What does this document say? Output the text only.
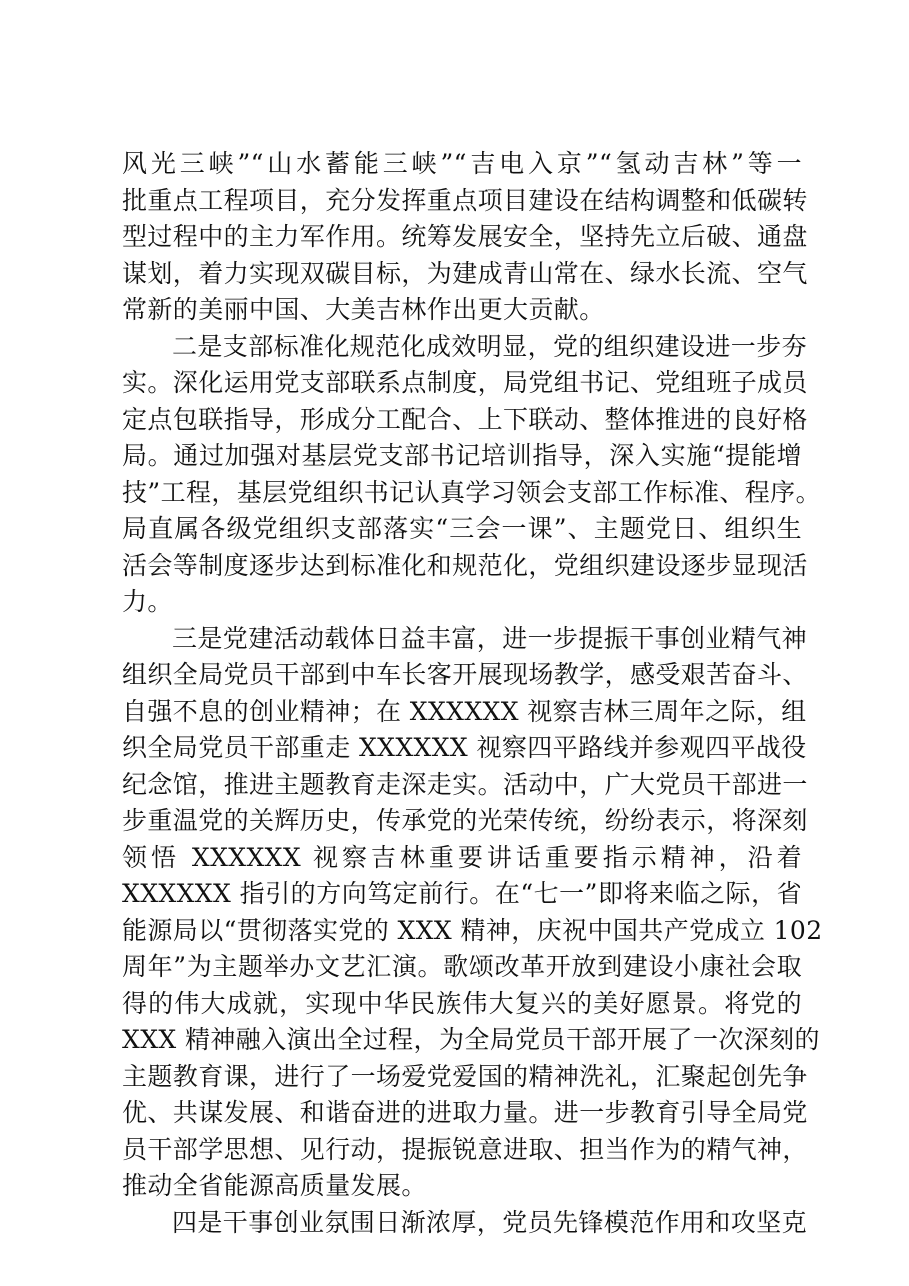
风光三峡”“山水蓄能三峡”“吉电入京”“氢动吉林”等一
批重点工程项目，充分发挥重点项目建设在结构调整和低碳转
型过程中的主力军作用。统筹发展安全，坚持先立后破、通盘
谋划，着力实现双碳目标，为建成青山常在、绿水长流、空气
常新的美丽中国、大美吉林作出更大贡献。
二是支部标准化规范化成效明显，党的组织建设进一步夯
实。深化运用党支部联系点制度，局党组书记、党组班子成员
定点包联指导，形成分工配合、上下联动、整体推进的良好格
局。通过加强对基层党支部书记培训指导，深入实施“提能增
技”工程，基层党组织书记认真学习领会支部工作标准、程序。
局直属各级党组织支部落实“三会一课”、主题党日、组织生
活会等制度逐步达到标准化和规范化，党组织建设逐步显现活
力。
三是党建活动载体日益丰富，进一步提振干事创业精气神
组织全局党员干部到中车长客开展现场教学，感受艰苦奋斗、
自强不息的创业精神；在 XXXXXX 视察吉林三周年之际，组
织全局党员干部重走 XXXXXX 视察四平路线并参观四平战役
纪念馆，推进主题教育走深走实。活动中，广大党员干部进一
步重温党的关辉历史，传承党的光荣传统，纷纷表示，将深刻
领悟 XXXXXX 视察吉林重要讲话重要指示精神，沿着
XXXXXX 指引的方向笃定前行。在“七一”即将来临之际，省
能源局以“贯彻落实党的 XXX 精神，庆祝中国共产党成立 102
周年”为主题举办文艺汇演。歌颂改革开放到建设小康社会取
得的伟大成就，实现中华民族伟大复兴的美好愿景。将党的
XXX 精神融入演出全过程，为全局党员干部开展了一次深刻的
主题教育课，进行了一场爱党爱国的精神洗礼，汇聚起创先争
优、共谋发展、和谐奋进的进取力量。进一步教育引导全局党
员干部学思想、见行动，提振锐意进取、担当作为的精气神，
推动全省能源高质量发展。
四是干事创业氛围日渐浓厚，党员先锋模范作用和攻坚克
